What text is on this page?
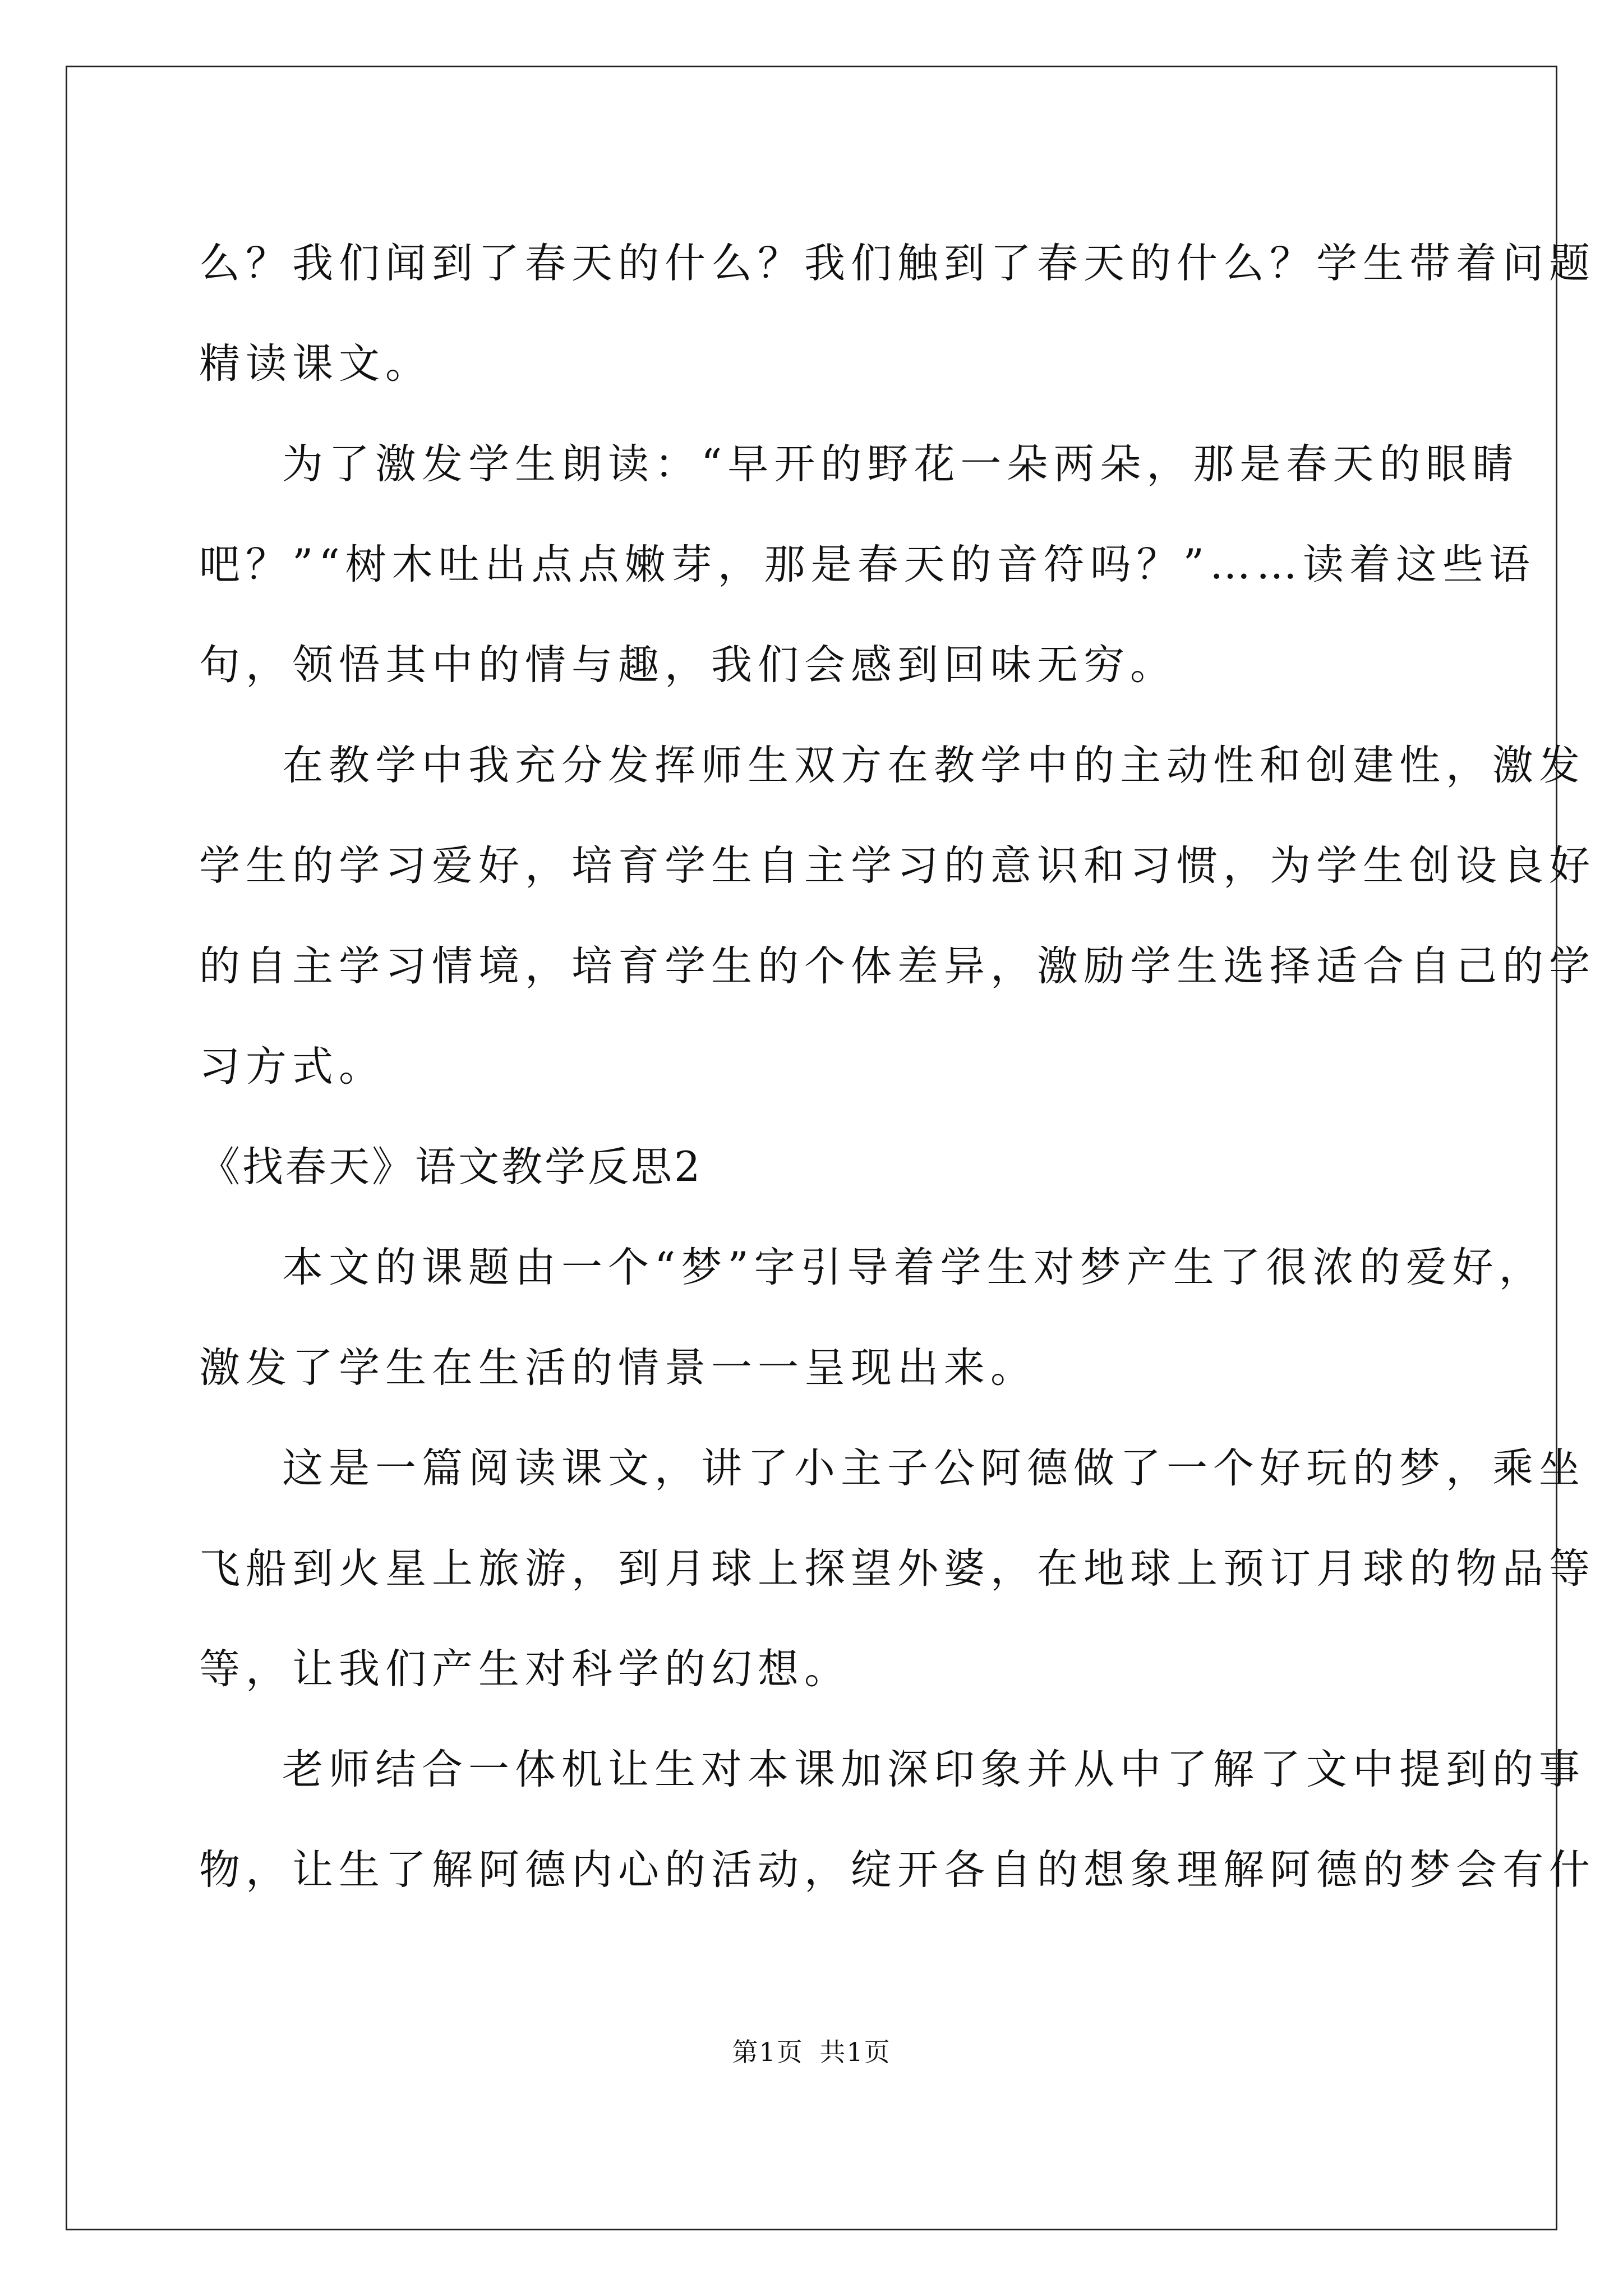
么？我们闻到了春天的什么？我们触到了春天的什么？学生带着问题
精读课文。
为了激发学生朗读：“早开的野花一朵两朵，那是春天的眼睛
吧？”“树木吐出点点嫩芽，那是春天的音符吗？”……读着这些语
句，领悟其中的情与趣，我们会感到回味无穷。
在教学中我充分发挥师生双方在教学中的主动性和创建性，激发
学生的学习爱好，培育学生自主学习的意识和习惯，为学生创设良好
的自主学习情境，培育学生的个体差异，激励学生选择适合自己的学
习方式。
《找春天》语文教学反思2
本文的课题由一个“梦”字引导着学生对梦产生了很浓的爱好，
激发了学生在生活的情景一一呈现出来。
这是一篇阅读课文，讲了小主子公阿德做了一个好玩的梦，乘坐
飞船到火星上旅游，到月球上探望外婆，在地球上预订月球的物品等
等，让我们产生对科学的幻想。
老师结合一体机让生对本课加深印象并从中了解了文中提到的事
物，让生了解阿德内心的活动，绽开各自的想象理解阿德的梦会有什
第1页 共1页
